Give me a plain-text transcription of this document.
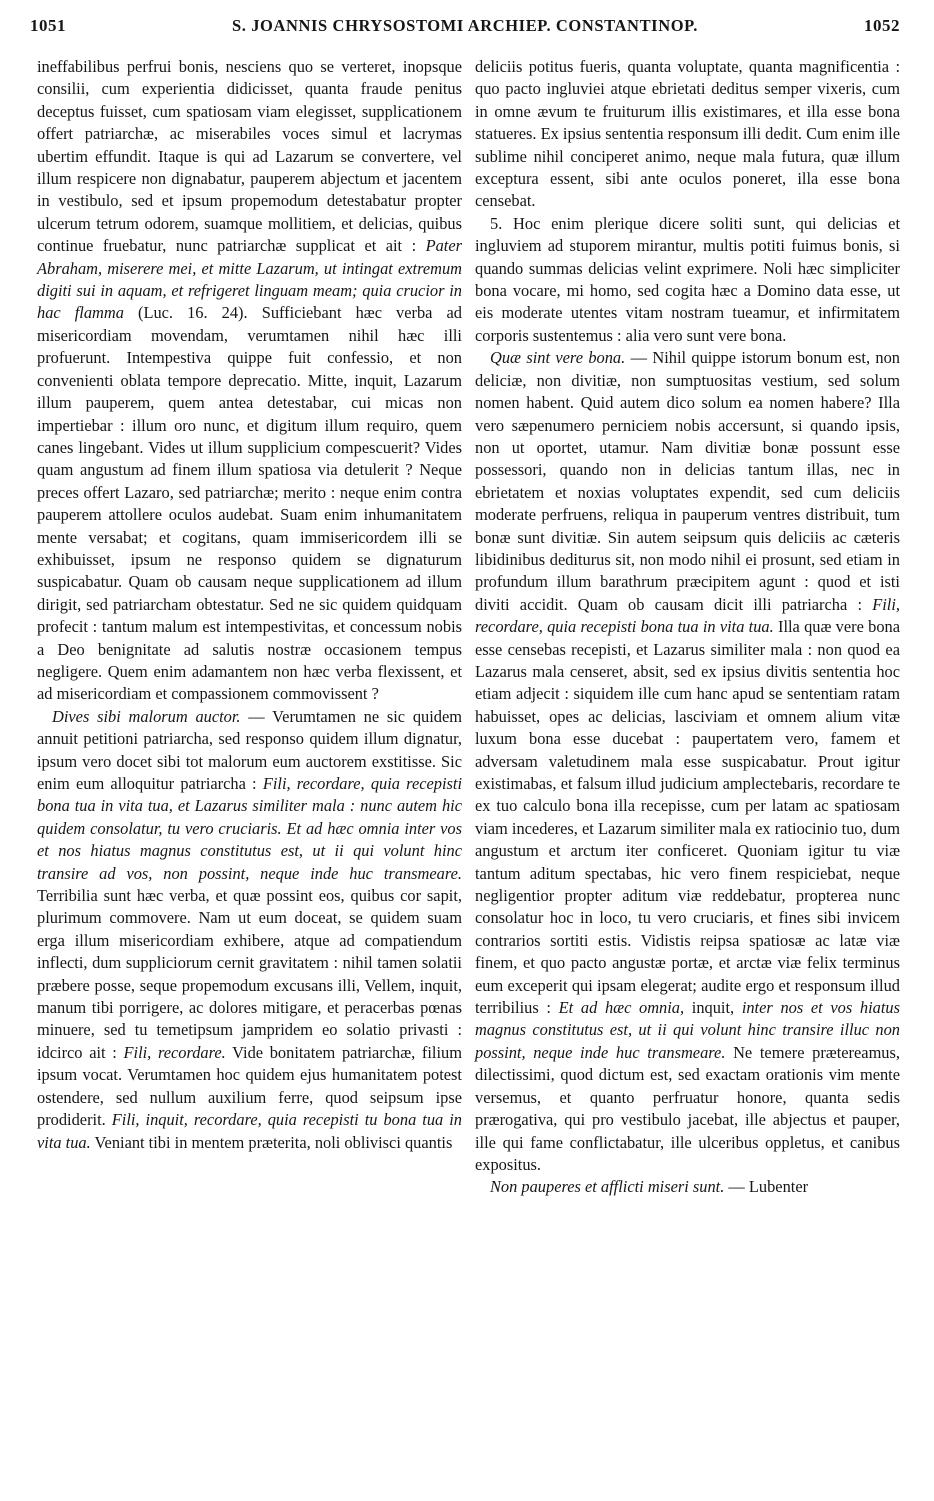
1051	S. JOANNIS CHRYSOSTOMI ARCHIEP. CONSTANTINOP.	1052

ineffabilibus perfrui bonis, nesciens quo se verteret, inopsque consilii, cum experientia didicisset, quanta fraude penitus deceptus fuisset, cum spatiosam viam elegisset, supplicationem offert patriarchæ, ac miserabiles voces simul et lacrymas ubertim effundit. Itaque is qui ad Lazarum se convertere, vel illum respicere non dignabatur, pauperem abjectum et jacentem in vestibulo, sed et ipsum propemodum detestabatur propter ulcerum tetrum odorem, suamque mollitiem, et delicias, quibus continue fruebatur, nunc patriarchæ supplicat et ait : Pater Abraham, miserere mei, et mitte Lazarum, ut intingat extremum digiti sui in aquam, et refrigeret linguam meam; quia crucior in hac flamma (Luc. 16. 24). Sufficiebant hæc verba ad misericordiam movendam, verumtamen nihil hæc illi profuerunt. Intempestiva quippe fuit confessio, et non convenienti oblata tempore deprecatio. Mitte, inquit, Lazarum illum pauperem, quem antea detestabar, cui micas non impertiebar : illum oro nunc, et digitum illum requiro, quem canes lingebant. Vides ut illum supplicium compescuerit? Vides quam angustum ad finem illum spatiosa via detulerit ? Neque preces offert Lazaro, sed patriarchæ; merito : neque enim contra pauperem attollere oculos audebat. Suam enim inhumanitatem mente versabat; et cogitans, quam immisericordem illi se exhibuisset, ipsum ne responso quidem se dignaturum suspicabatur. Quam ob causam neque supplicationem ad illum dirigit, sed patriarcham obtestatur. Sed ne sic quidem quidquam profecit : tantum malum est intempestivitas, et concessum nobis a Deo benignitate ad salutis nostræ occasionem tempus negligere. Quem enim adamantem non hæc verba flexissent, et ad misericordiam et compassionem commovissent ?

Dives sibi malorum auctor. — Verumtamen ne sic quidem annuit petitioni patriarcha, sed responso quidem illum dignatur, ipsum vero docet sibi tot malorum eum auctorem exstitisse. Sic enim eum alloquitur patriarcha : Fili, recordare, quia recepisti bona tua in vita tua, et Lazarus similiter mala : nunc autem hic quidem consolatur, tu vero cruciaris. Et ad hæc omnia inter vos et nos hiatus magnus constitutus est, ut ii qui volunt hinc transire ad vos, non possint, neque inde huc transmeare. Terribilia sunt hæc verba, et quæ possint eos, quibus cor sapit, plurimum commovere. Nam ut eum doceat, se quidem suam erga illum misericordiam exhibere, atque ad compatiendum inflecti, dum suppliciorum cernit gravitatem : nihil tamen solatii præbere posse, seque propemodum excusans illi, Vellem, inquit, manum tibi porrigere, ac dolores mitigare, et peracerbas pœnas minuere, sed tu temetipsum jampridem eo solatio privasti : idcirco ait : Fili, recordare. Vide bonitatem patriarchæ, filium ipsum vocat. Verumtamen hoc quidem ejus humanitatem potest ostendere, sed nullum auxilium ferre, quod seipsum ipse prodiderit. Fili, inquit, recordare, quia recepisti tu bona tua in vita tua. Veniant tibi in mentem præterita, noli oblivisci quantis

deliciis potitus fueris, quanta voluptate, quanta magnificentia : quo pacto ingluviei atque ebrietati deditus semper vixeris, cum in omne ævum te fruiturum illis existimares, et illa esse bona statueres. Ex ipsius sententia responsum illi dedit. Cum enim ille sublime nihil conciperet animo, neque mala futura, quæ illum exceptura essent, sibi ante oculos poneret, illa esse bona censebat.

5. Hoc enim plerique dicere soliti sunt, qui delicias et ingluviem ad stuporem mirantur, multis potiti fuimus bonis, si quando summas delicias velint exprimere. Noli hæc simpliciter bona vocare, mi homo, sed cogita hæc a Domino data esse, ut eis moderate utentes vitam nostram tueamur, et infirmitatem corporis sustentemus : alia vero sunt vere bona.

Quæ sint vere bona. — Nihil quippe istorum bonum est, non deliciæ, non divitiæ, non sumptuositas vestium, sed solum nomen habent. Quid autem dico solum ea nomen habere? Illa vero sæpenumero perniciem nobis accersunt, si quando ipsis, non ut oportet, utamur. Nam divitiæ bonæ possunt esse possessori, quando non in delicias tantum illas, nec in ebrietatem et noxias voluptates expendit, sed cum deliciis moderate perfruens, reliqua in pauperum ventres distribuit, tum bonæ sunt divitiæ. Sin autem seipsum quis deliciis ac cæteris libidinibus dediturus sit, non modo nihil ei prosunt, sed etiam in profundum illum barathrum præcipitem agunt : quod et isti diviti accidit. Quam ob causam dicit illi patriarcha : Fili, recordare, quia recepisti bona tua in vita tua. Illa quæ vere bona esse censebas recepisti, et Lazarus similiter mala : non quod ea Lazarus mala censeret, absit, sed ex ipsius divitis sententia hoc etiam adjecit : siquidem ille cum hanc apud se sententiam ratam habuisset, opes ac delicias, lasciviam et omnem alium vitæ luxum bona esse ducebat : paupertatem vero, famem et adversam valetudinem mala esse suspicabatur. Prout igitur existimabas, et falsum illud judicium amplectebaris, recordare te ex tuo calculo bona illa recepisse, cum per latam ac spatiosam viam incederes, et Lazarum similiter mala ex ratiocinio tuo, dum angustum et arctum iter conficeret. Quoniam igitur tu viæ tantum aditum spectabas, hic vero finem respiciebat, neque negligentior propter aditum viæ reddebatur, propterea nunc consolatur hoc in loco, tu vero cruciaris, et fines sibi invicem contrarios sortiti estis. Vidistis reipsa spatiosæ ac latæ viæ finem, et quo pacto angustæ portæ, et arctæ viæ felix terminus eum exceperit qui ipsam elegerat; audite ergo et responsum illud terribilius : Et ad hæc omnia, inquit, inter nos et vos hiatus magnus constitutus est, ut ii qui volunt hinc transire illuc non possint, neque inde huc transmeare. Ne temere prætereamus, dilectissimi, quod dictum est, sed exactam orationis vim mente versemus, et quanto perfruatur honore, quanta sedis prærogativa, qui pro vestibulo jacebat, ille abjectus et pauper, ille qui fame conflictabatur, ille ulceribus oppletus, et canibus expositus.

Non pauperes et afflicti miseri sunt. — Lubenter
